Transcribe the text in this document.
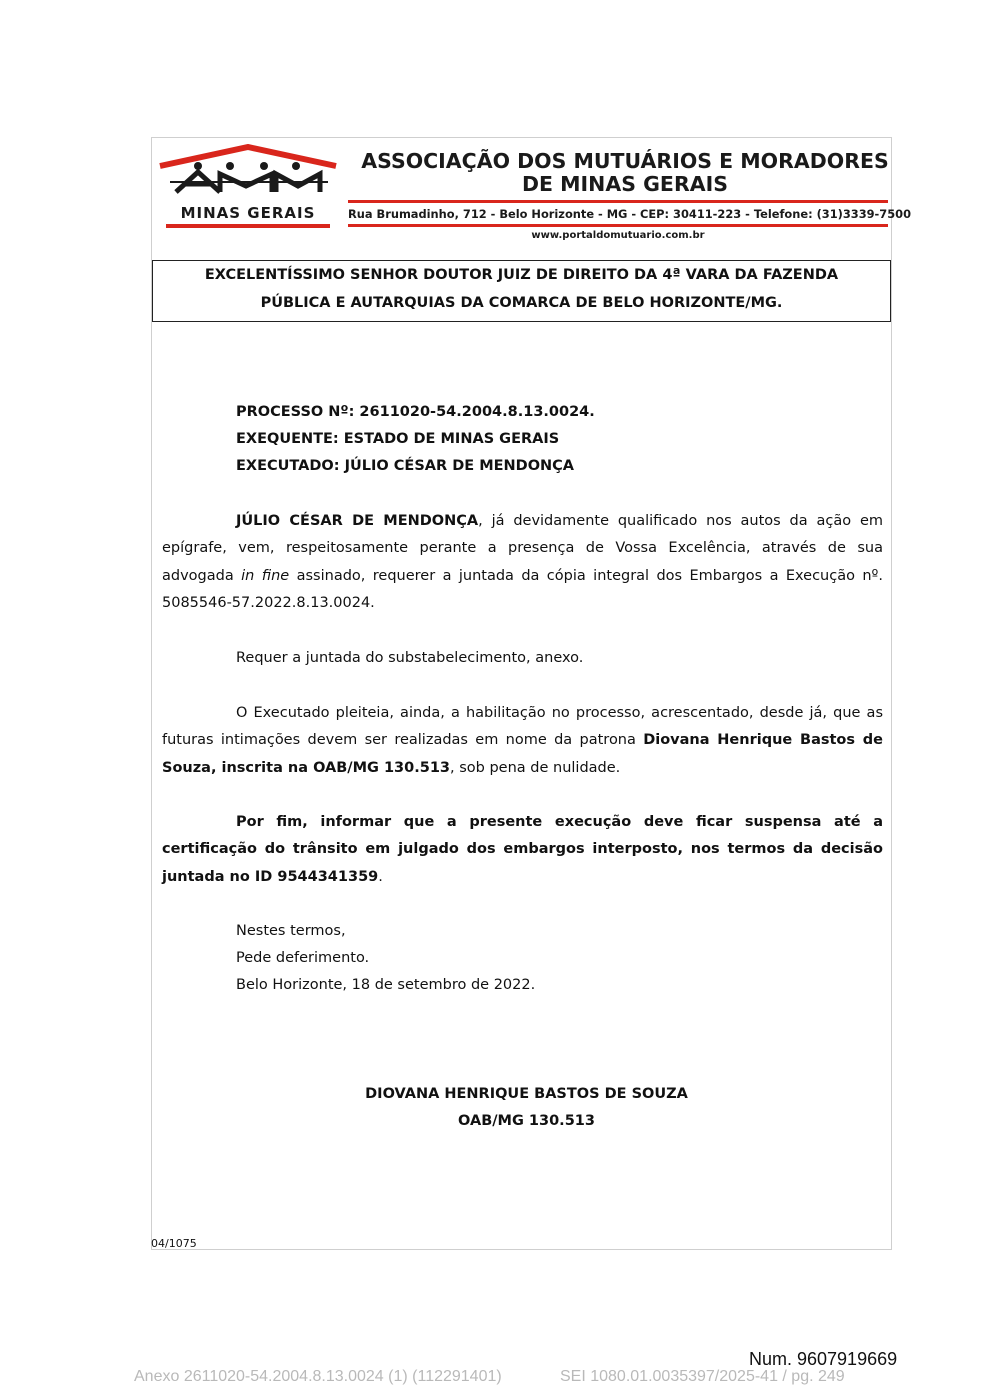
MINAS GERAIS
ASSOCIAÇÃO DOS MUTUÁRIOS E MORADORES
DE MINAS GERAIS
Rua Brumadinho, 712 - Belo Horizonte - MG - CEP: 30411-223 - Telefone: (31)3339-7500
www.portaldomutuario.com.br
EXCELENTÍSSIMO SENHOR DOUTOR JUIZ DE DIREITO DA 4ª VARA DA FAZENDA
PÚBLICA E AUTARQUIAS DA COMARCA DE BELO HORIZONTE/MG.
PROCESSO Nº: 2611020-54.2004.8.13.0024.
EXEQUENTE: ESTADO DE MINAS GERAIS
EXECUTADO: JÚLIO CÉSAR DE MENDONÇA
JÚLIO CÉSAR DE MENDONÇA, já devidamente qualificado nos autos da ação em epígrafe, vem, respeitosamente perante a presença de Vossa Excelência, através de sua advogada in fine assinado, requerer a juntada da cópia integral dos Embargos a Execução nº. 5085546-57.2022.8.13.0024.
Requer a juntada do substabelecimento, anexo.
O Executado pleiteia, ainda, a habilitação no processo, acrescentado, desde já, que as futuras intimações devem ser realizadas em nome da patrona Diovana Henrique Bastos de Souza, inscrita na OAB/MG 130.513, sob pena de nulidade.
Por fim, informar que a presente execução deve ficar suspensa até a certificação do trânsito em julgado dos embargos interposto, nos termos da decisão juntada no ID 9544341359.
Nestes termos,
Pede deferimento.
Belo Horizonte, 18 de setembro de 2022.
DIOVANA HENRIQUE BASTOS DE SOUZA
OAB/MG 130.513
04/1075
Num. 9607919669
Anexo 2611020-54.2004.8.13.0024 (1) (112291401)	SEI 1080.01.0035397/2025-41 / pg. 249
